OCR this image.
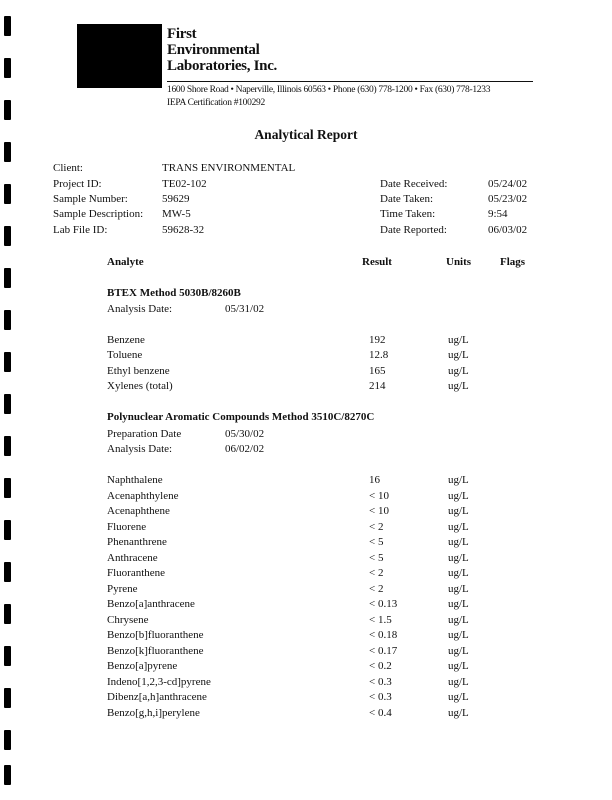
First
Environmental
Laboratories, Inc.
1600 Shore Road • Naperville, Illinois 60563 • Phone (630) 778-1200 • Fax (630) 778-1233
IEPA Certification #100292
Analytical Report
Client:	TRANS ENVIRONMENTAL
Project ID:	TE02-102	Date Received:	05/24/02
Sample Number:	59629	Date Taken:	05/23/02
Sample Description: MW-5	Time Taken:	9:54
Lab File ID:	59628-32	Date Reported:	06/03/02
Analyte	Result	Units	Flags
BTEX Method 5030B/8260B
Analysis Date:	05/31/02
Benzene	192	ug/L
Toluene	12.8	ug/L
Ethyl benzene	165	ug/L
Xylenes (total)	214	ug/L
Polynuclear Aromatic Compounds Method 3510C/8270C
Preparation Date	05/30/02
Analysis Date:	06/02/02
Naphthalene	16	ug/L
Acenaphthylene	< 10	ug/L
Acenaphthene	< 10	ug/L
Fluorene	< 2	ug/L
Phenanthrene	< 5	ug/L
Anthracene	< 5	ug/L
Fluoranthene	< 2	ug/L
Pyrene	< 2	ug/L
Benzo[a]anthracene	< 0.13	ug/L
Chrysene	< 1.5	ug/L
Benzo[b]fluoranthene	< 0.18	ug/L
Benzo[k]fluoranthene	< 0.17	ug/L
Benzo[a]pyrene	< 0.2	ug/L
Indeno[1,2,3-cd]pyrene	< 0.3	ug/L
Dibenz[a,h]anthracene	< 0.3	ug/L
Benzo[g,h,i]perylene	< 0.4	ug/L
